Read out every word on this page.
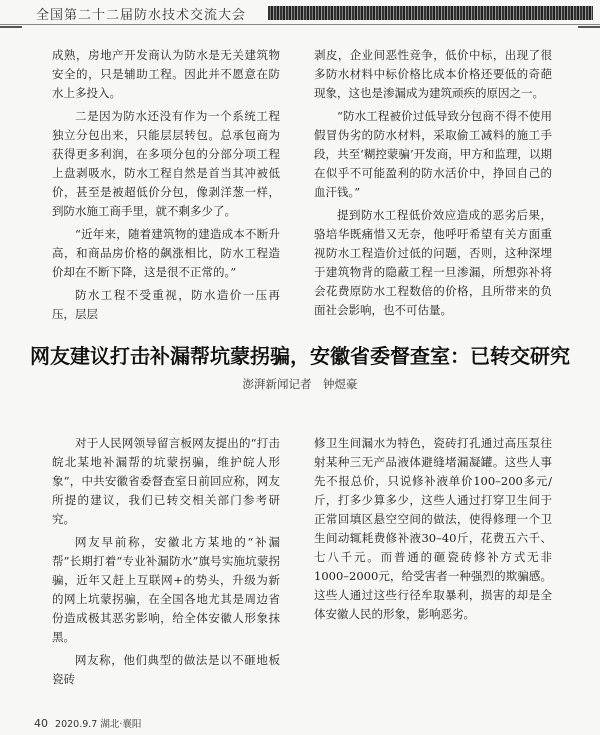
全国第二十二届防水技术交流大会

成熟，房地产开发商认为防水是无关建筑物安全的，只是辅助工程。因此并不愿意在防水上多投入。

二是因为防水还没有作为一个系统工程独立分包出来，只能层层转包。总承包商为获得更多利润，在多项分包的分部分项工程上盘剥吸水，防水工程自然是首当其冲被低价，甚至是被超低价分包，像剥洋葱一样，到防水施工商手里，就不剩多少了。

“近年来，随着建筑物的建造成本不断升高，和商品房价格的飙涨相比，防水工程造价却在不断下降，这是很不正常的。”

防水工程不受重视，防水造价一压再压，层层

剥皮，企业间恶性竞争，低价中标，出现了很多防水材料中标价格比成本价格还要低的奇葩现象，这也是渗漏成为建筑顽疾的原因之一。

“防水工程被价过低导致分包商不得不使用假冒伪劣的防水材料，采取偷工减料的施工手段，共至‘糊控蒙骗’开发商，甲方和监理，以期在似乎不可能盈利的防水活价中，挣回自己的血汗钱。”

提到防水工程低价效应造成的恶劣后果，骆培华既痛惜又无奈，他呼吁希望有关方面重视防水工程造价过低的问题，否则，这种深埋于建筑物背的隐蔽工程一旦渗漏，所想弥补将会花费原防水工程数倍的价格，且所带来的负面社会影响，也不可估量。

网友建议打击补漏帮坑蒙拐骗，安徽省委督查室：已转交研究
澎湃新闻记者　钟煜豪

对于人民网领导留言板网友提出的“打击皖北某地补漏帮的坑蒙拐骗，维护皖人形象”，中共安徽省委督查室日前回应称，网友所提的建议，我们已转交相关部门参考研究。

网友早前称，安徽北方某地的“补漏帮”长期打着“专业补漏防水”旗号实施坑蒙拐骗，近年又赶上互联网+的势头，升级为新的网上坑蒙拐骗，在全国各地尤其是周边省份造成极其恶劣影响，给全体安徽人形象抹黑。

网友称，他们典型的做法是以不砸地板瓷砖

修卫生间漏水为特色，瓷砖打孔通过高压泵往射某种三无产品液体避缝堵漏凝罐。这些人事先不报总价，只说修补液单价100–200多元/斤，打多少算多少，这些人通过打穿卫生间于正常回填区悬空空间的做法，使得修理一个卫生间动辄耗费修补液30–40斤，花费五六千、七八千元。而普通的砸瓷砖修补方式无非1000–2000元，给受害者一种强烈的欺骗感。这些人通过这些行径牟取暴利，损害的却是全体安徽人民的形象，影响恶劣。

40 2020.9.7 湖北·襄阳
